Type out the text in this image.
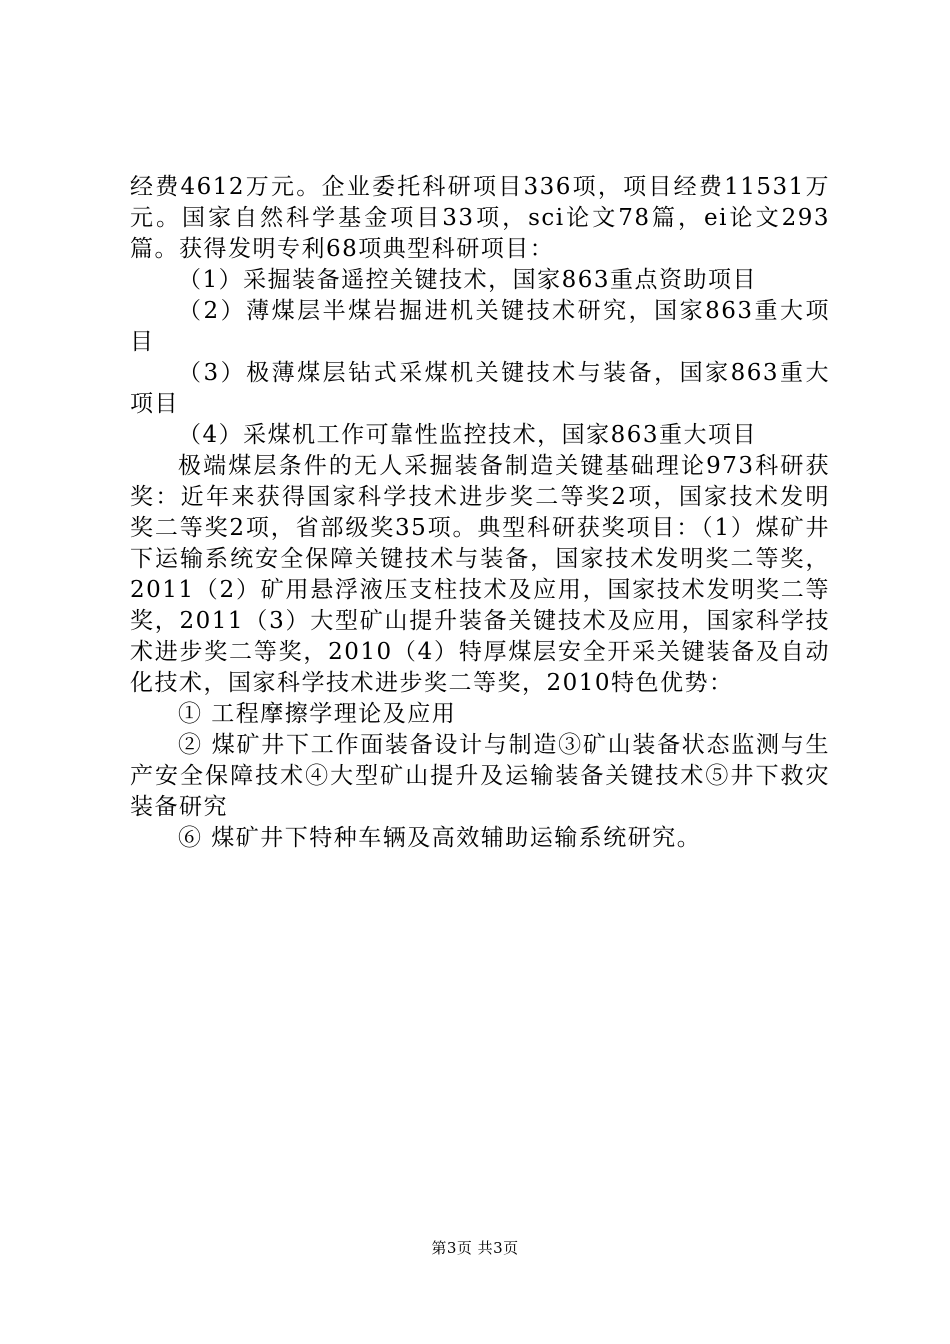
经费4612万元。企业委托科研项目336项，项目经费11531万元。国家自然科学基金项目33项，sci论文78篇，ei论文293篇。获得发明专利68项典型科研项目：

（1）采掘装备遥控关键技术，国家863重点资助项目

（2）薄煤层半煤岩掘进机关键技术研究，国家863重大项目

（3）极薄煤层钻式采煤机关键技术与装备，国家863重大项目

（4）采煤机工作可靠性监控技术，国家863重大项目

极端煤层条件的无人采掘装备制造关键基础理论973科研获奖：近年来获得国家科学技术进步奖二等奖2项，国家技术发明奖二等奖2项，省部级奖35项。典型科研获奖项目：（1）煤矿井下运输系统安全保障关键技术与装备，国家技术发明奖二等奖，2011（2）矿用悬浮液压支柱技术及应用，国家技术发明奖二等奖，2011（3）大型矿山提升装备关键技术及应用，国家科学技术进步奖二等奖，2010（4）特厚煤层安全开采关键装备及自动化技术，国家科学技术进步奖二等奖，2010特色优势：

① 工程摩擦学理论及应用

② 煤矿井下工作面装备设计与制造③矿山装备状态监测与生产安全保障技术④大型矿山提升及运输装备关键技术⑤井下救灾装备研究

⑥ 煤矿井下特种车辆及高效辅助运输系统研究。

第3页 共3页
